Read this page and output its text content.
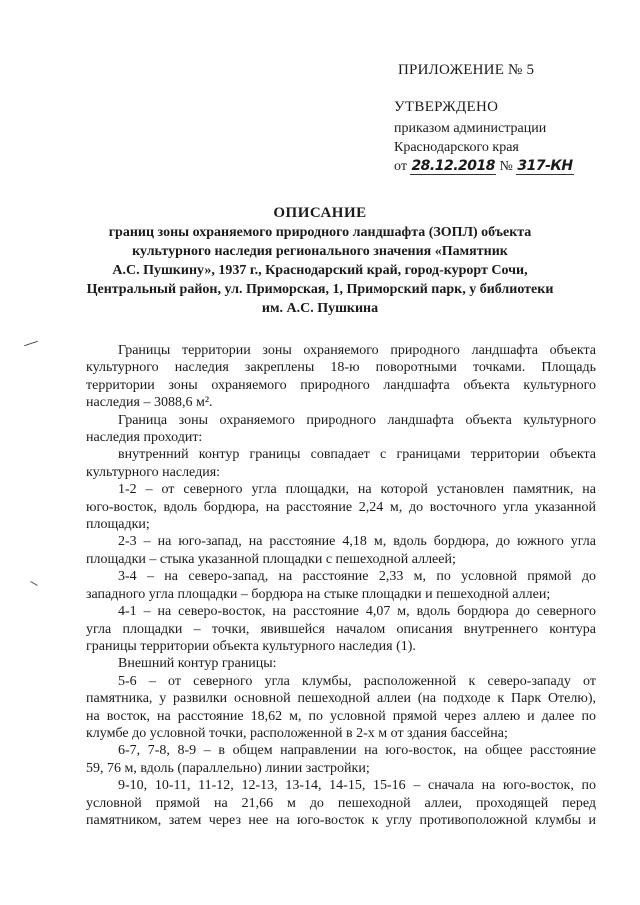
ПРИЛОЖЕНИЕ № 5
УТВЕРЖДЕНО
приказом администрации
Краснодарского края
от 28.12.2018 № 317-КН
ОПИСАНИЕ
границ зоны охраняемого природного ландшафта (ЗОПЛ) объекта
культурного наследия регионального значения «Памятник
А.С. Пушкину», 1937 г., Краснодарский край, город-курорт Сочи,
Центральный район, ул. Приморская, 1, Приморский парк, у библиотеки
им. А.С. Пушкина

Границы территории зоны охраняемого природного ландшафта объекта
культурного наследия закреплены 18-ю поворотными точками. Площадь
территории зоны охраняемого природного ландшафта объекта культурного
наследия – 3088,6 м².

Граница зоны охраняемого природного ландшафта объекта культурного
наследия проходит:

внутренний контур границы совпадает с границами территории объекта
культурного наследия:

1-2 – от северного угла площадки, на которой установлен памятник, на
юго-восток, вдоль бордюра, на расстояние 2,24 м, до восточного угла указанной
площадки;

2-3 – на юго-запад, на расстояние 4,18 м, вдоль бордюра, до южного угла
площадки – стыка указанной площадки с пешеходной аллеей;

3-4 – на северо-запад, на расстояние 2,33 м, по условной прямой до
западного угла площадки – бордюра на стыке площадки и пешеходной аллеи;

4-1 – на северо-восток, на расстояние 4,07 м, вдоль бордюра до северного
угла площадки – точки, явившейся началом описания внутреннего контура
границы территории объекта культурного наследия (1).

Внешний контур границы:

5-6 – от северного угла клумбы, расположенной к северо-западу от
памятника, у развилки основной пешеходной аллеи (на подходе к Парк Отелю),
на восток, на расстояние 18,62 м, по условной прямой через аллею и далее по
клумбе до условной точки, расположенной в 2-х м от здания бассейна;

6-7, 7-8, 8-9 – в общем направлении на юго-восток, на общее расстояние
59, 76 м, вдоль (параллельно) линии застройки;

9-10, 10-11, 11-12, 12-13, 13-14, 14-15, 15-16 – сначала на юго-восток, по
условной прямой на 21,66 м до пешеходной аллеи, проходящей перед
памятником, затем через нее на юго-восток к углу противоположной клумбы и
